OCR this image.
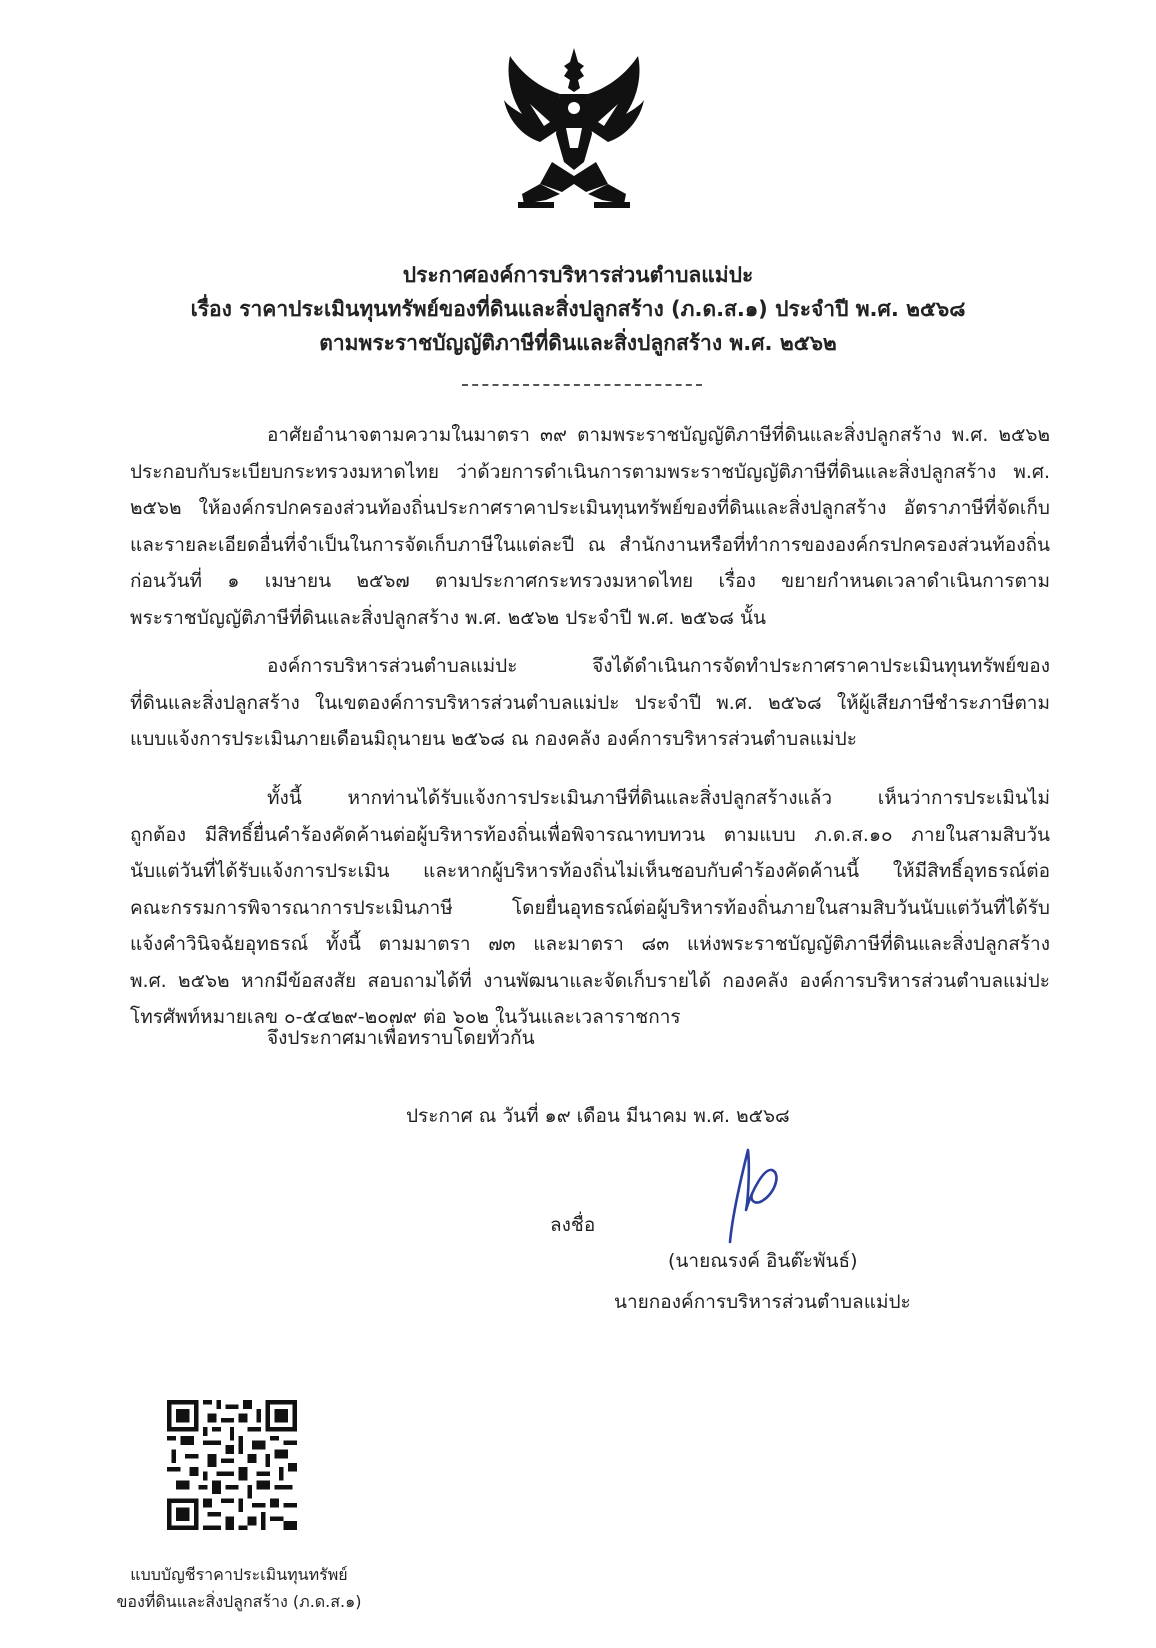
ประกาศองค์การบริหารส่วนตำบลแม่ปะ
เรื่อง ราคาประเมินทุนทรัพย์ของที่ดินและสิ่งปลูกสร้าง (ภ.ด.ส.๑) ประจำปี พ.ศ. ๒๕๖๘
ตามพระราชบัญญัติภาษีที่ดินและสิ่งปลูกสร้าง พ.ศ. ๒๕๖๒
อาศัยอำนาจตามความในมาตรา ๓๙ ตามพระราชบัญญัติภาษีที่ดินและสิ่งปลูกสร้าง พ.ศ. ๒๕๖๒
ประกอบกับระเบียบกระทรวงมหาดไทย ว่าด้วยการดำเนินการตามพระราชบัญญัติภาษีที่ดินและสิ่งปลูกสร้าง พ.ศ.
๒๕๖๒ ให้องค์กรปกครองส่วนท้องถิ่นประกาศราคาประเมินทุนทรัพย์ของที่ดินและสิ่งปลูกสร้าง อัตราภาษีที่จัดเก็บ
และรายละเอียดอื่นที่จำเป็นในการจัดเก็บภาษีในแต่ละปี ณ สำนักงานหรือที่ทำการขององค์กรปกครองส่วนท้องถิ่น
ก่อนวันที่ ๑ เมษายน ๒๕๖๗ ตามประกาศกระทรวงมหาดไทย เรื่อง ขยายกำหนดเวลาดำเนินการตาม
พระราชบัญญัติภาษีที่ดินและสิ่งปลูกสร้าง พ.ศ. ๒๕๖๒ ประจำปี พ.ศ. ๒๕๖๘ นั้น
องค์การบริหารส่วนตำบลแม่ปะ จึงได้ดำเนินการจัดทำประกาศราคาประเมินทุนทรัพย์ของ
ที่ดินและสิ่งปลูกสร้าง ในเขตองค์การบริหารส่วนตำบลแม่ปะ ประจำปี พ.ศ. ๒๕๖๘ ให้ผู้เสียภาษีชำระภาษีตาม
แบบแจ้งการประเมินภายเดือนมิถุนายน ๒๕๖๘ ณ กองคลัง องค์การบริหารส่วนตำบลแม่ปะ
ทั้งนี้ หากท่านได้รับแจ้งการประเมินภาษีที่ดินและสิ่งปลูกสร้างแล้ว เห็นว่าการประเมินไม่
ถูกต้อง มีสิทธิ์ยื่นคำร้องคัดค้านต่อผู้บริหารท้องถิ่นเพื่อพิจารณาทบทวน ตามแบบ ภ.ด.ส.๑๐ ภายในสามสิบวัน
นับแต่วันที่ได้รับแจ้งการประเมิน และหากผู้บริหารท้องถิ่นไม่เห็นชอบกับคำร้องคัดค้านนี้ ให้มีสิทธิ์อุทธรณ์ต่อ
คณะกรรมการพิจารณาการประเมินภาษี โดยยื่นอุทธรณ์ต่อผู้บริหารท้องถิ่นภายในสามสิบวันนับแต่วันที่ได้รับ
แจ้งคำวินิจฉัยอุทธรณ์ ทั้งนี้ ตามมาตรา ๗๓ และมาตรา ๘๓ แห่งพระราชบัญญัติภาษีที่ดินและสิ่งปลูกสร้าง
พ.ศ. ๒๕๖๒ หากมีข้อสงสัย สอบถามได้ที่ งานพัฒนาและจัดเก็บรายได้ กองคลัง องค์การบริหารส่วนตำบลแม่ปะ
โทรศัพท์หมายเลข ๐-๕๔๒๙-๒๐๗๙ ต่อ ๖๐๒ ในวันและเวลาราชการ
จึงประกาศมาเพื่อทราบโดยทั่วกัน
ประกาศ ณ วันที่ ๑๙ เดือน มีนาคม พ.ศ. ๒๕๖๘
ลงชื่อ
(นายณรงค์ อินต๊ะพันธ์)
นายกองค์การบริหารส่วนตำบลแม่ปะ
แบบบัญชีราคาประเมินทุนทรัพย์
ของที่ดินและสิ่งปลูกสร้าง (ภ.ด.ส.๑)
